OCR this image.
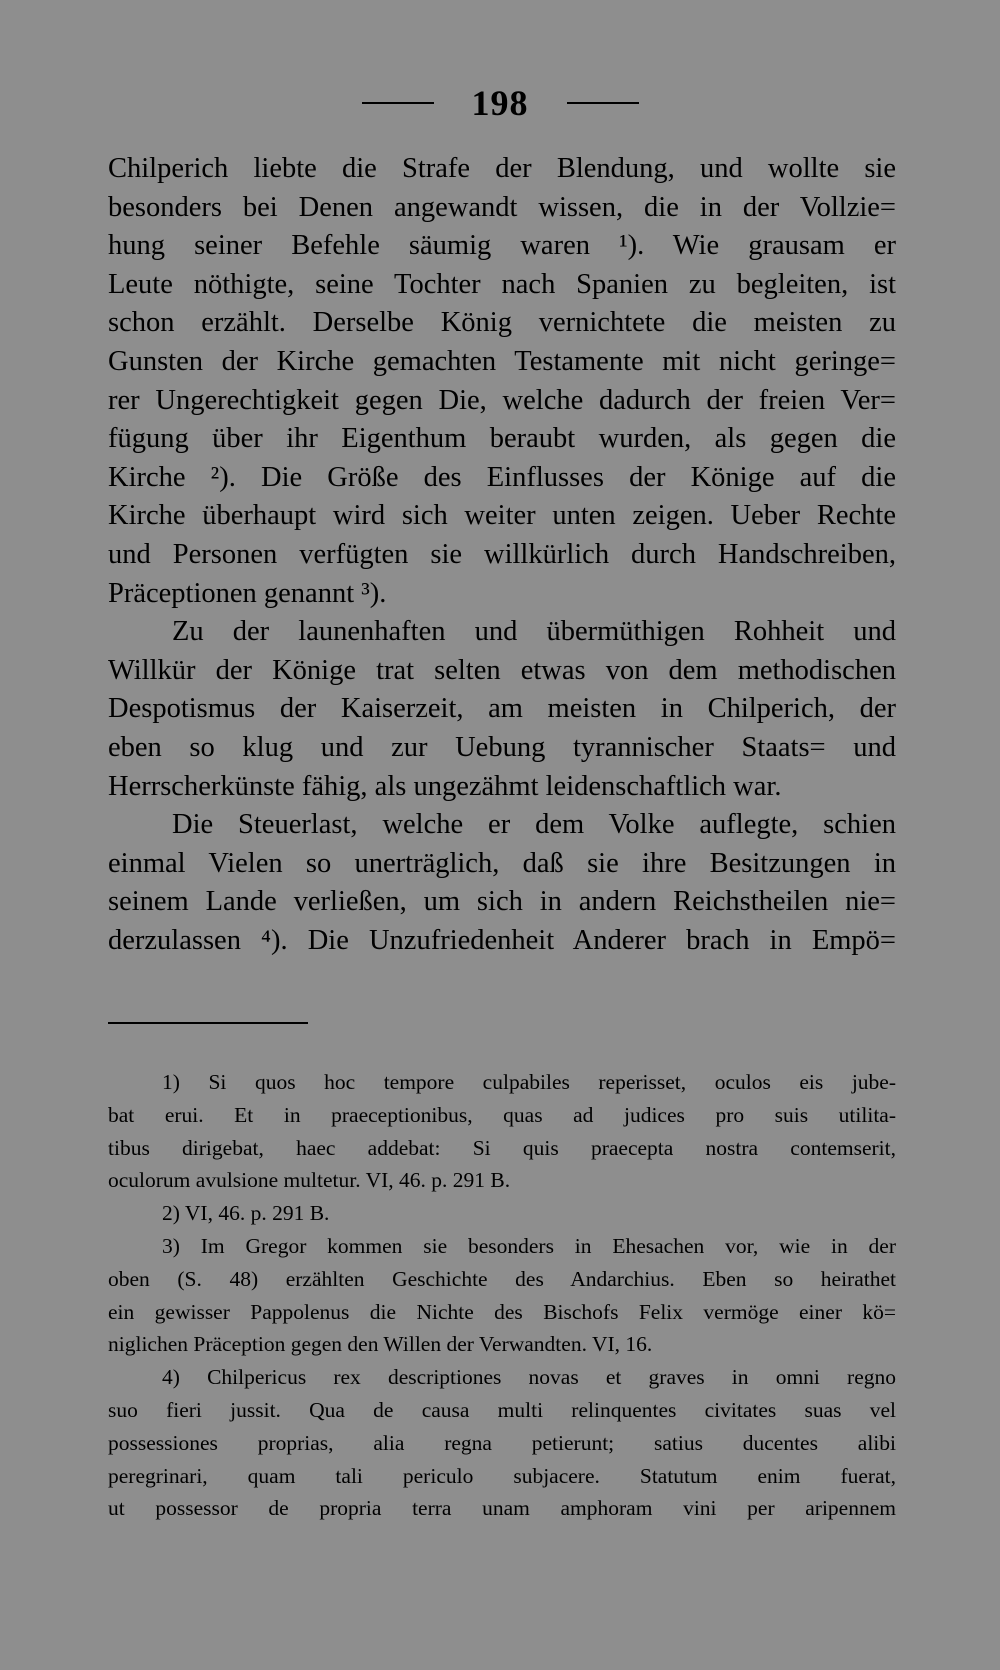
198
Chilperich liebte die Strafe der Blendung, und wollte sie
besonders bei Denen angewandt wissen, die in der Vollzie=
hung seiner Befehle säumig waren ¹). Wie grausam er
Leute nöthigte, seine Tochter nach Spanien zu begleiten, ist
schon erzählt. Derselbe König vernichtete die meisten zu
Gunsten der Kirche gemachten Testamente mit nicht geringe=
rer Ungerechtigkeit gegen Die, welche dadurch der freien Ver=
fügung über ihr Eigenthum beraubt wurden, als gegen die
Kirche ²). Die Größe des Einflusses der Könige auf die
Kirche überhaupt wird sich weiter unten zeigen. Ueber Rechte
und Personen verfügten sie willkürlich durch Handschreiben,
Präceptionen genannt ³).
Zu der launenhaften und übermüthigen Rohheit und
Willkür der Könige trat selten etwas von dem methodischen
Despotismus der Kaiserzeit, am meisten in Chilperich, der
eben so klug und zur Uebung tyrannischer Staats= und
Herrscherkünste fähig, als ungezähmt leidenschaftlich war.
Die Steuerlast, welche er dem Volke auflegte, schien
einmal Vielen so unerträglich, daß sie ihre Besitzungen in
seinem Lande verließen, um sich in andern Reichstheilen nie=
derzulassen ⁴). Die Unzufriedenheit Anderer brach in Empö=
1) Si quos hoc tempore culpabiles reperisset, oculos eis jube-
bat erui. Et in praeceptionibus, quas ad judices pro suis utilita-
tibus dirigebat, haec addebat: Si quis praecepta nostra contemserit,
oculorum avulsione multetur. VI, 46. p. 291 B.
2) VI, 46. p. 291 B.
3) Im Gregor kommen sie besonders in Ehesachen vor, wie in der
oben (S. 48) erzählten Geschichte des Andarchius. Eben so heirathet
ein gewisser Pappolenus die Nichte des Bischofs Felix vermöge einer kö=
niglichen Präception gegen den Willen der Verwandten. VI, 16.
4) Chilpericus rex descriptiones novas et graves in omni regno
suo fieri jussit. Qua de causa multi relinquentes civitates suas vel
possessiones proprias, alia regna petierunt; satius ducentes alibi
peregrinari, quam tali periculo subjacere. Statutum enim fuerat,
ut possessor de propria terra unam amphoram vini per aripennem
